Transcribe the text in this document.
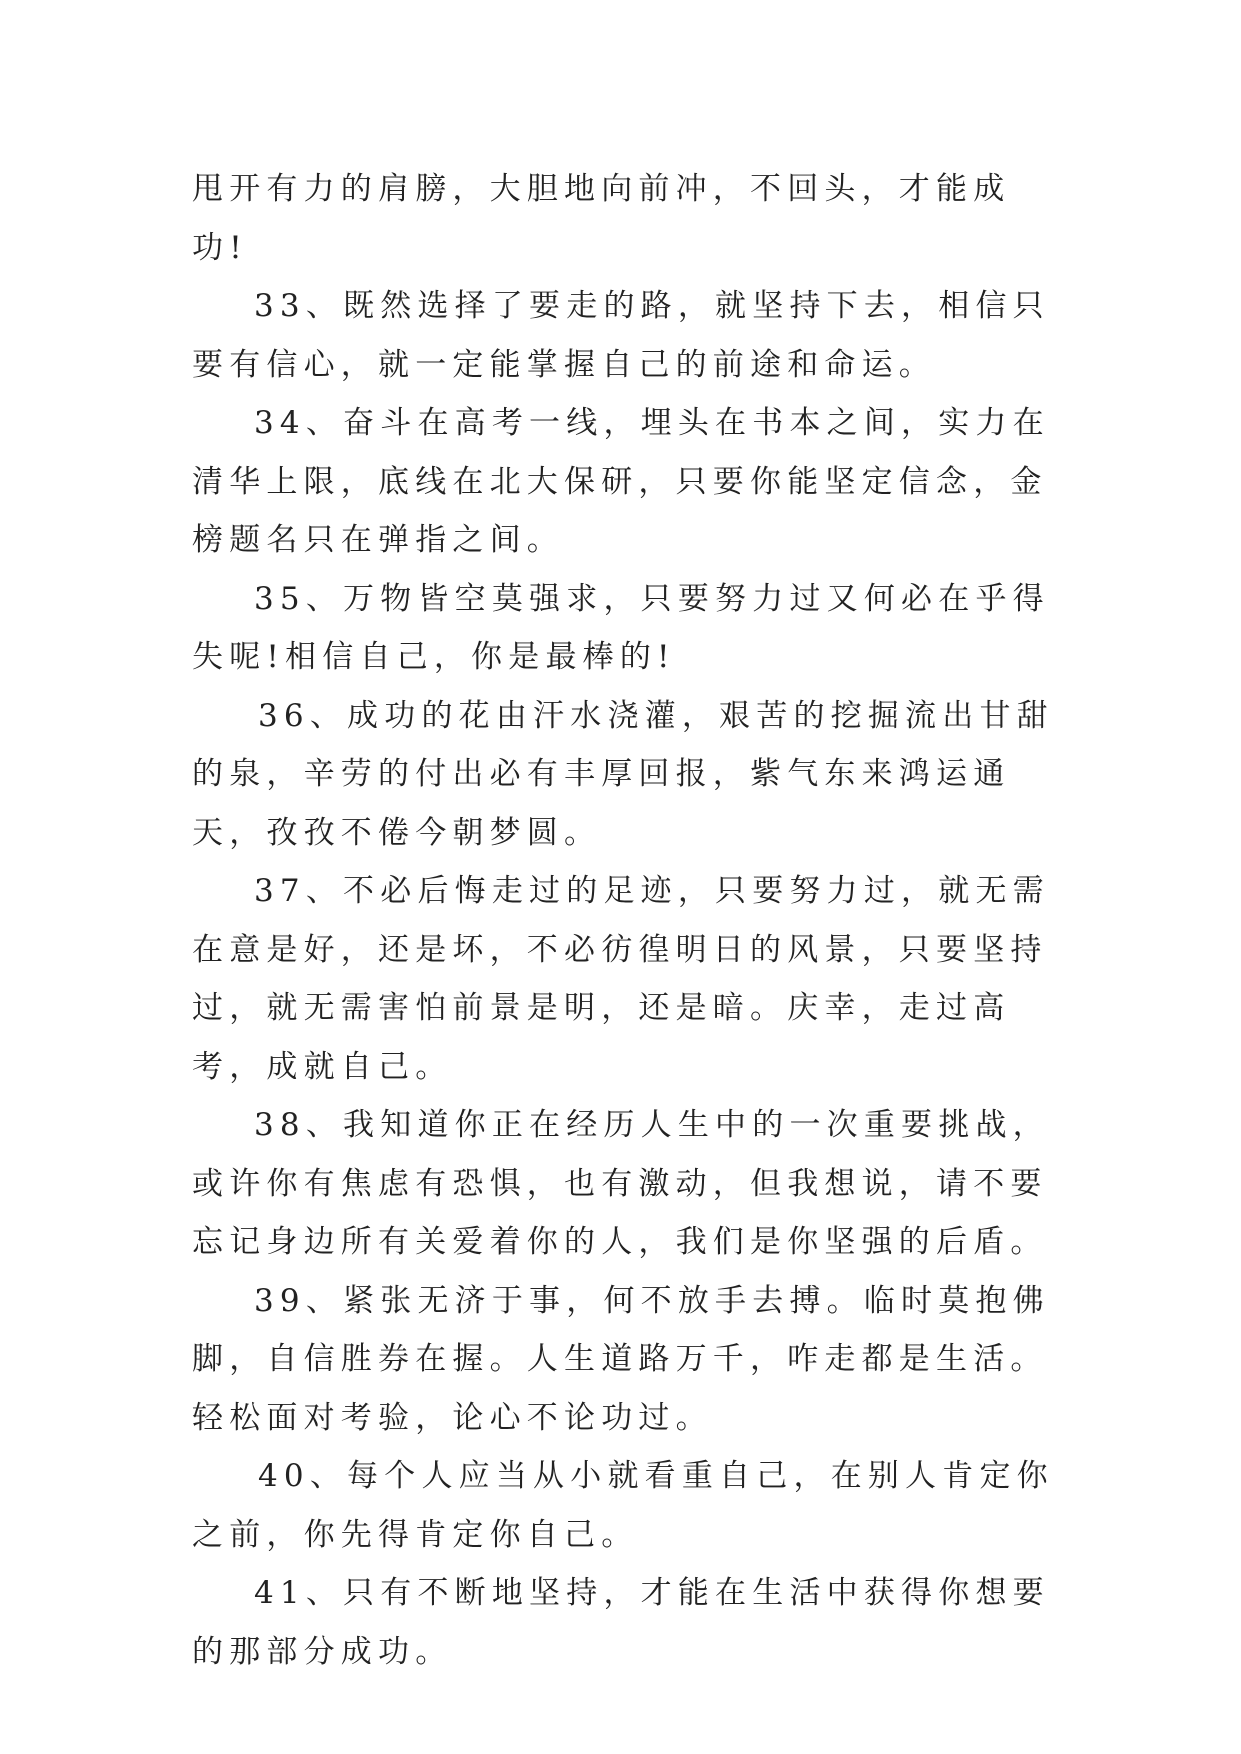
甩开有力的肩膀，大胆地向前冲，不回头，才能成功!

33、既然选择了要走的路，就坚持下去，相信只要有信心，就一定能掌握自己的前途和命运。

34、奋斗在高考一线，埋头在书本之间，实力在清华上限，底线在北大保研，只要你能坚定信念，金榜题名只在弹指之间。

35、万物皆空莫强求，只要努力过又何必在乎得失呢!相信自己，你是最棒的!

36、成功的花由汗水浇灌，艰苦的挖掘流出甘甜的泉，辛劳的付出必有丰厚回报，紫气东来鸿运通天，孜孜不倦今朝梦圆。

37、不必后悔走过的足迹，只要努力过，就无需在意是好，还是坏，不必彷徨明日的风景，只要坚持过，就无需害怕前景是明，还是暗。庆幸，走过高考，成就自己。

38、我知道你正在经历人生中的一次重要挑战，或许你有焦虑有恐惧，也有激动，但我想说，请不要忘记身边所有关爱着你的人，我们是你坚强的后盾。

39、紧张无济于事，何不放手去搏。临时莫抱佛脚，自信胜券在握。人生道路万千，咋走都是生活。轻松面对考验，论心不论功过。

40、每个人应当从小就看重自己，在别人肯定你之前，你先得肯定你自己。

41、只有不断地坚持，才能在生活中获得你想要的那部分成功。
